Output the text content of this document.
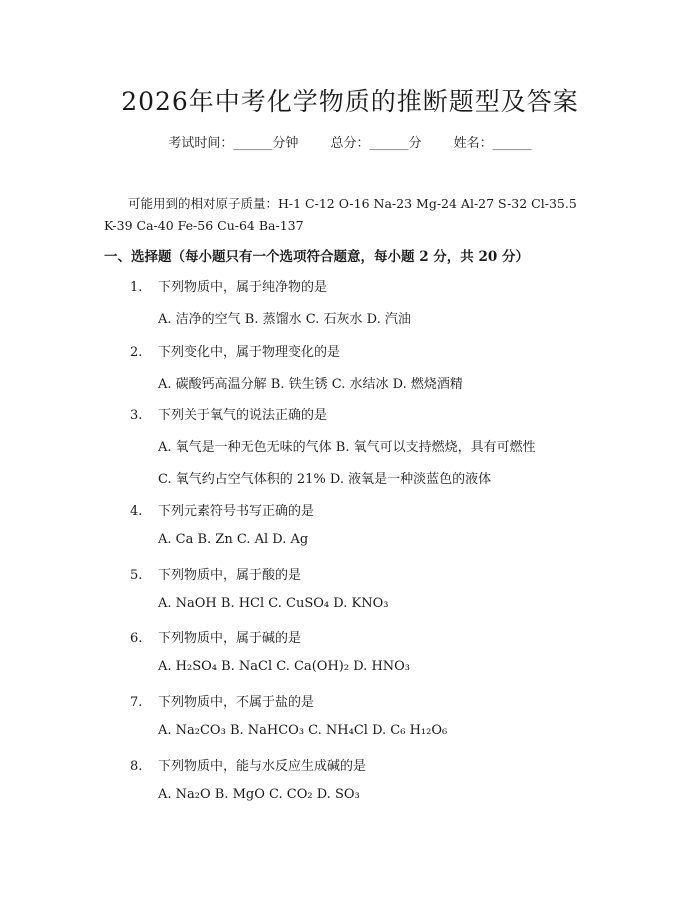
2026年中考化学物质的推断题型及答案
考试时间：______分钟 总分：______分 姓名：______
可能用到的相对原子质量：H-1 C-12 O-16 Na-23 Mg-24 Al-27 S-32 Cl-35.5
K-39 Ca-40 Fe-56 Cu-64 Ba-137
一、选择题（每小题只有一个选项符合题意，每小题 2 分，共 20 分）
1. 下列物质中，属于纯净物的是
A. 洁净的空气 B. 蒸馏水 C. 石灰水 D. 汽油
2. 下列变化中，属于物理变化的是
A. 碳酸钙高温分解 B. 铁生锈 C. 水结冰 D. 燃烧酒精
3. 下列关于氧气的说法正确的是
A. 氧气是一种无色无味的气体 B. 氧气可以支持燃烧，具有可燃性
C. 氧气约占空气体积的 21% D. 液氧是一种淡蓝色的液体
4. 下列元素符号书写正确的是
A. Ca B. Zn C. Al D. Ag
5. 下列物质中，属于酸的是
A. NaOH B. HCl C. CuSO₄ D. KNO₃
6. 下列物质中，属于碱的是
A. H₂SO₄ B. NaCl C. Ca(OH)₂ D. HNO₃
7. 下列物质中，不属于盐的是
A. Na₂CO₃ B. NaHCO₃ C. NH₄Cl D. C₆ H₁₂O₆
8. 下列物质中，能与水反应生成碱的是
A. Na₂O B. MgO C. CO₂ D. SO₃
